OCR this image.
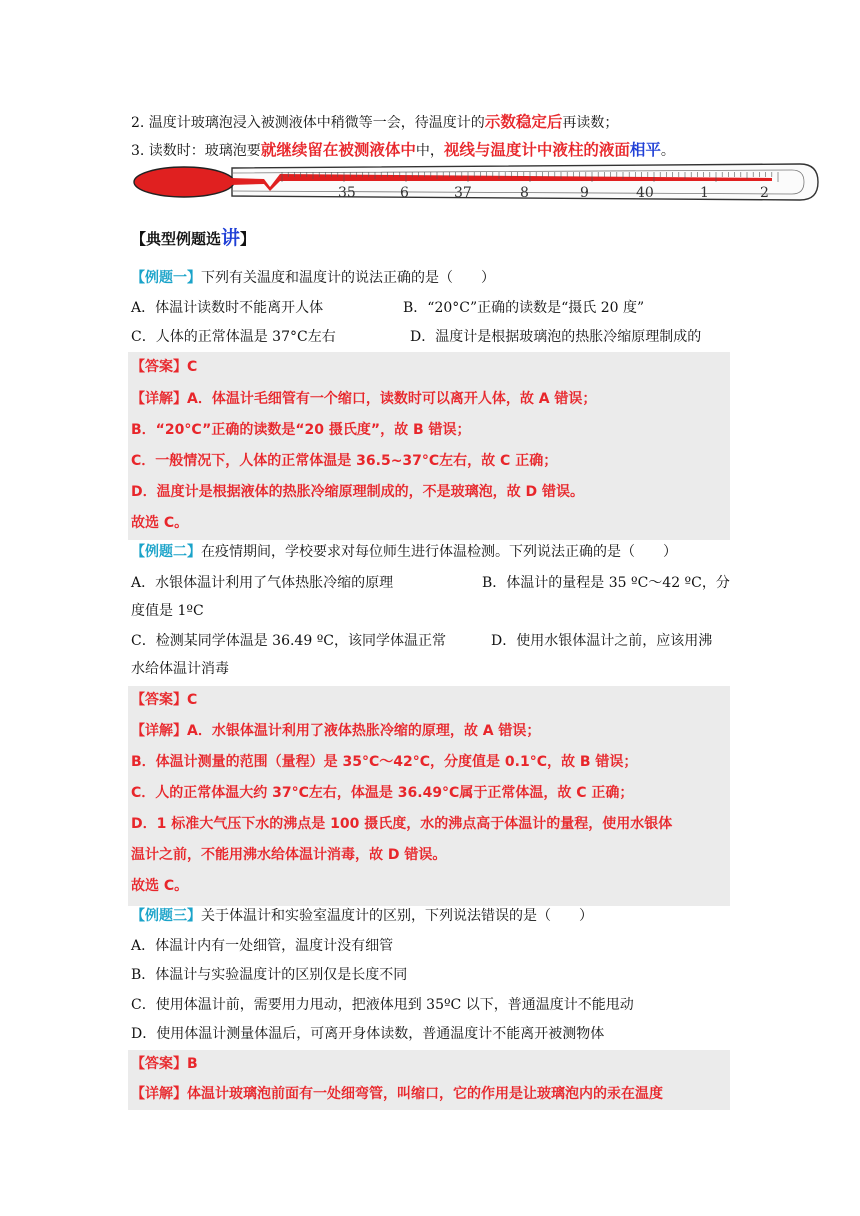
2. 温度计玻璃泡浸入被测液体中稍微等一会，待温度计的示数稳定后再读数；
3. 读数时：玻璃泡要就继续留在被测液体中中，视线与温度计中液柱的液面相平。
35	6	37	8	9	40	1	2
【典型例题选讲】
【例题一】下列有关温度和温度计的说法正确的是（　　）
A．体温计读数时不能离开人体	B．“20°C”正确的读数是“摄氏 20 度”
C．人体的正常体温是 37°C左右	D．温度计是根据玻璃泡的热胀冷缩原理制成的
【答案】C
【详解】A．体温计毛细管有一个缩口，读数时可以离开人体，故 A 错误；
B．“20°C”正确的读数是“20 摄氏度”，故 B 错误；
C．一般情况下，人体的正常体温是 36.5~37°C左右，故 C 正确；
D．温度计是根据液体的热胀冷缩原理制成的，不是玻璃泡，故 D 错误。
故选 C。
【例题二】在疫情期间，学校要求对每位师生进行体温检测。下列说法正确的是（　　）
A．水银体温计利用了气体热胀冷缩的原理	B．体温计的量程是 35 ºC～42 ºC，分
度值是 1ºC
C．检测某同学体温是 36.49 ºC，该同学体温正常	D．使用水银体温计之前，应该用沸
水给体温计消毒
【答案】C
【详解】A．水银体温计利用了液体热胀冷缩的原理，故 A 错误；
B．体温计测量的范围（量程）是 35°C～42°C，分度值是 0.1°C，故 B 错误；
C．人的正常体温大约 37°C左右，体温是 36.49°C属于正常体温，故 C 正确；
D．1 标准大气压下水的沸点是 100 摄氏度，水的沸点高于体温计的量程，使用水银体
温计之前，不能用沸水给体温计消毒，故 D 错误。
故选 C。
【例题三】关于体温计和实验室温度计的区别，下列说法错误的是（　　）
A．体温计内有一处细管，温度计没有细管
B．体温计与实验温度计的区别仅是长度不同
C．使用体温计前，需要用力甩动，把液体甩到 35ºC 以下，普通温度计不能甩动
D．使用体温计测量体温后，可离开身体读数，普通温度计不能离开被测物体
【答案】B
【详解】体温计玻璃泡前面有一处细弯管，叫缩口，它的作用是让玻璃泡内的汞在温度
